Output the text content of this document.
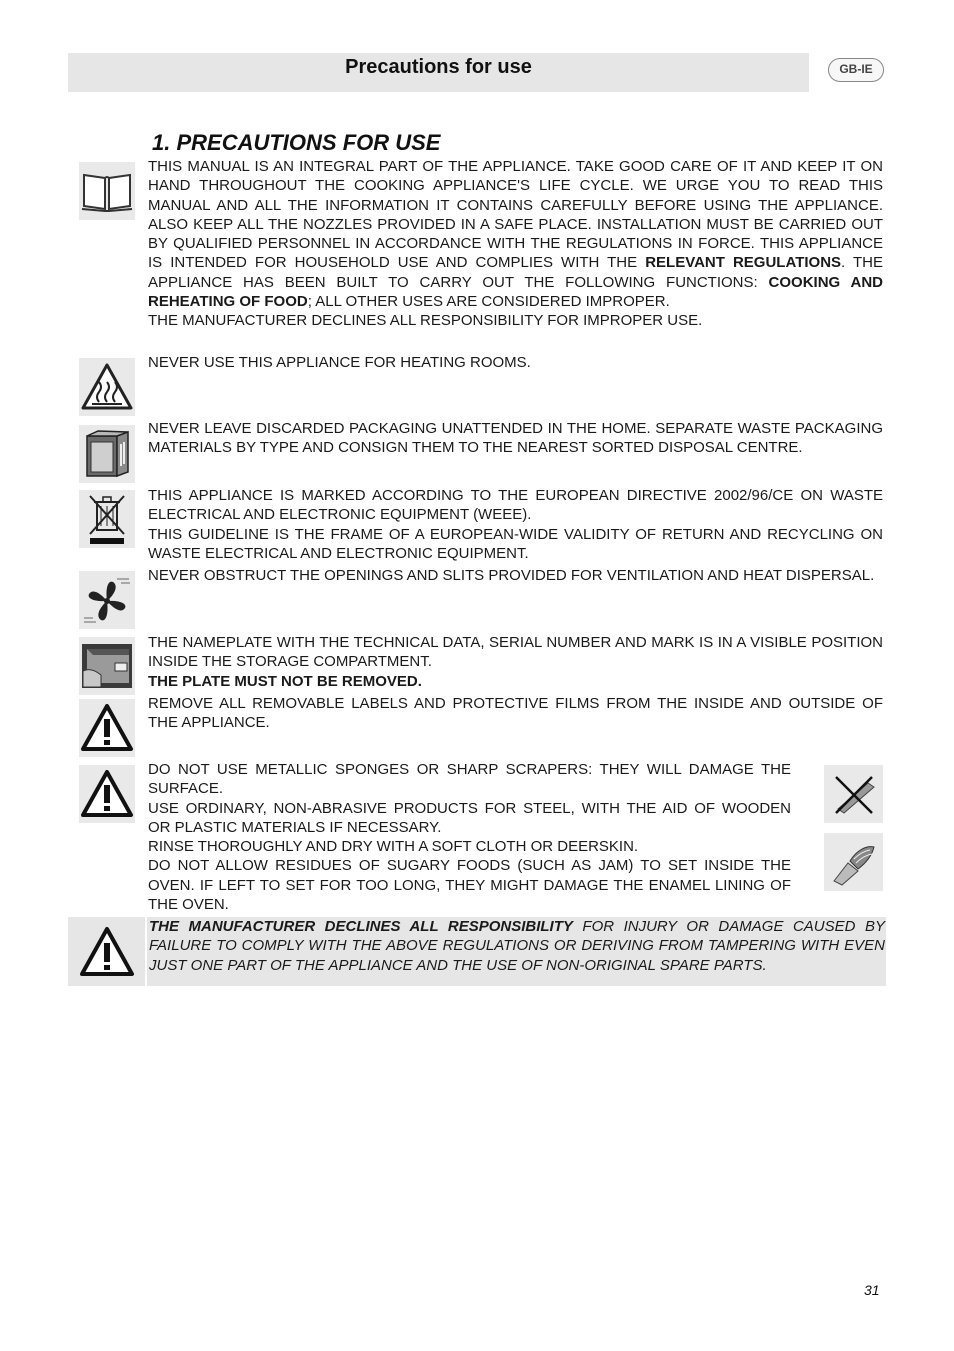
Precautions for use	GB-IE
1. PRECAUTIONS FOR USE

THIS MANUAL IS AN INTEGRAL PART OF THE APPLIANCE. TAKE GOOD CARE OF IT AND KEEP IT ON HAND THROUGHOUT THE COOKING APPLIANCE'S LIFE CYCLE. WE URGE YOU TO READ THIS MANUAL AND ALL THE INFORMATION IT CONTAINS CAREFULLY BEFORE USING THE APPLIANCE. ALSO KEEP ALL THE NOZZLES PROVIDED IN A SAFE PLACE. INSTALLATION MUST BE CARRIED OUT BY QUALIFIED PERSONNEL IN ACCORDANCE WITH THE REGULATIONS IN FORCE. THIS APPLIANCE IS INTENDED FOR HOUSEHOLD USE AND COMPLIES WITH THE RELEVANT REGULATIONS. THE APPLIANCE HAS BEEN BUILT TO CARRY OUT THE FOLLOWING FUNCTIONS: COOKING AND REHEATING OF FOOD; ALL OTHER USES ARE CONSIDERED IMPROPER.

THE MANUFACTURER DECLINES ALL RESPONSIBILITY FOR IMPROPER USE.

NEVER USE THIS APPLIANCE FOR HEATING ROOMS.
NEVER LEAVE DISCARDED PACKAGING UNATTENDED IN THE HOME. SEPARATE WASTE PACKAGING MATERIALS BY TYPE AND CONSIGN THEM TO THE NEAREST SORTED DISPOSAL CENTRE.

THIS APPLIANCE IS MARKED ACCORDING TO THE EUROPEAN DIRECTIVE 2002/96/CE ON WASTE ELECTRICAL AND ELECTRONIC EQUIPMENT (WEEE).

THIS GUIDELINE IS THE FRAME OF A EUROPEAN-WIDE VALIDITY OF RETURN AND RECYCLING ON WASTE ELECTRICAL AND ELECTRONIC EQUIPMENT.

NEVER OBSTRUCT THE OPENINGS AND SLITS PROVIDED FOR VENTILATION AND HEAT DISPERSAL.

THE NAMEPLATE WITH THE TECHNICAL DATA, SERIAL NUMBER AND MARK IS IN A VISIBLE POSITION INSIDE THE STORAGE COMPARTMENT.

THE PLATE MUST NOT BE REMOVED.

REMOVE ALL REMOVABLE LABELS AND PROTECTIVE FILMS FROM THE INSIDE AND OUTSIDE OF THE APPLIANCE.

DO NOT USE METALLIC SPONGES OR SHARP SCRAPERS: THEY WILL DAMAGE THE SURFACE.

USE ORDINARY, NON-ABRASIVE PRODUCTS FOR STEEL, WITH THE AID OF WOODEN OR PLASTIC MATERIALS IF NECESSARY.

RINSE THOROUGHLY AND DRY WITH A SOFT CLOTH OR DEERSKIN.

DO NOT ALLOW RESIDUES OF SUGARY FOODS (SUCH AS JAM) TO SET INSIDE THE OVEN. IF LEFT TO SET FOR TOO LONG, THEY MIGHT DAMAGE THE ENAMEL LINING OF THE OVEN.

THE MANUFACTURER DECLINES ALL RESPONSIBILITY FOR INJURY OR DAMAGE CAUSED BY FAILURE TO COMPLY WITH THE ABOVE REGULATIONS OR DERIVING FROM TAMPERING WITH EVEN JUST ONE PART OF THE APPLIANCE AND THE USE OF NON-ORIGINAL SPARE PARTS.
31
